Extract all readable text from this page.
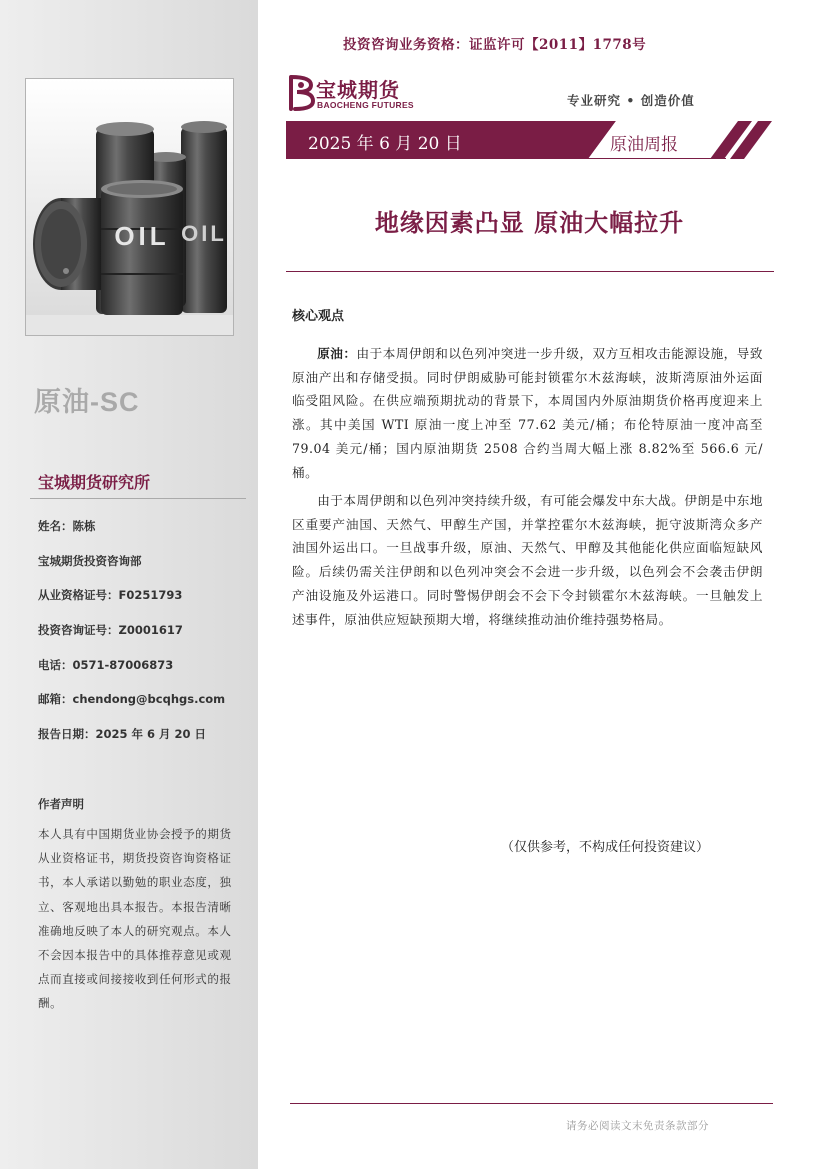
OIL OIL
原油-SC
宝城期货研究所
姓名：陈栋
宝城期货投资咨询部
从业资格证号：F0251793
投资咨询证号：Z0001617
电话：0571-87006873
邮箱：chendong@bcqhgs.com
报告日期：2025 年 6 月 20 日
作者声明
本人具有中国期货业协会授予的期货从业资格证书，期货投资咨询资格证书，本人承诺以勤勉的职业态度，独立、客观地出具本报告。本报告清晰准确地反映了本人的研究观点。本人不会因本报告中的具体推荐意见或观点而直接或间接接收到任何形式的报酬。
投资咨询业务资格：证监许可【2011】1778号
宝城期货
BAOCHENG FUTURES	专业研究 • 创造价值
2025 年 6 月 20 日	原油周报
地缘因素凸显 原油大幅拉升
核心观点

原油：由于本周伊朗和以色列冲突进一步升级，双方互相攻击能源设施，导致原油产出和存储受损。同时伊朗威胁可能封锁霍尔木兹海峡，波斯湾原油外运面临受阻风险。在供应端预期扰动的背景下，本周国内外原油期货价格再度迎来上涨。其中美国 WTI 原油一度上冲至 77.62 美元/桶；布伦特原油一度冲高至 79.04 美元/桶；国内原油期货 2508 合约当周大幅上涨 8.82%至 566.6 元/桶。

由于本周伊朗和以色列冲突持续升级，有可能会爆发中东大战。伊朗是中东地区重要产油国、天然气、甲醇生产国，并掌控霍尔木兹海峡，扼守波斯湾众多产油国外运出口。一旦战事升级，原油、天然气、甲醇及其他能化供应面临短缺风险。后续仍需关注伊朗和以色列冲突会不会进一步升级，以色列会不会袭击伊朗产油设施及外运港口。同时警惕伊朗会不会下令封锁霍尔木兹海峡。一旦触发上述事件，原油供应短缺预期大增，将继续推动油价维持强势格局。

（仅供参考，不构成任何投资建议）
请务必阅读文末免责条款部分
